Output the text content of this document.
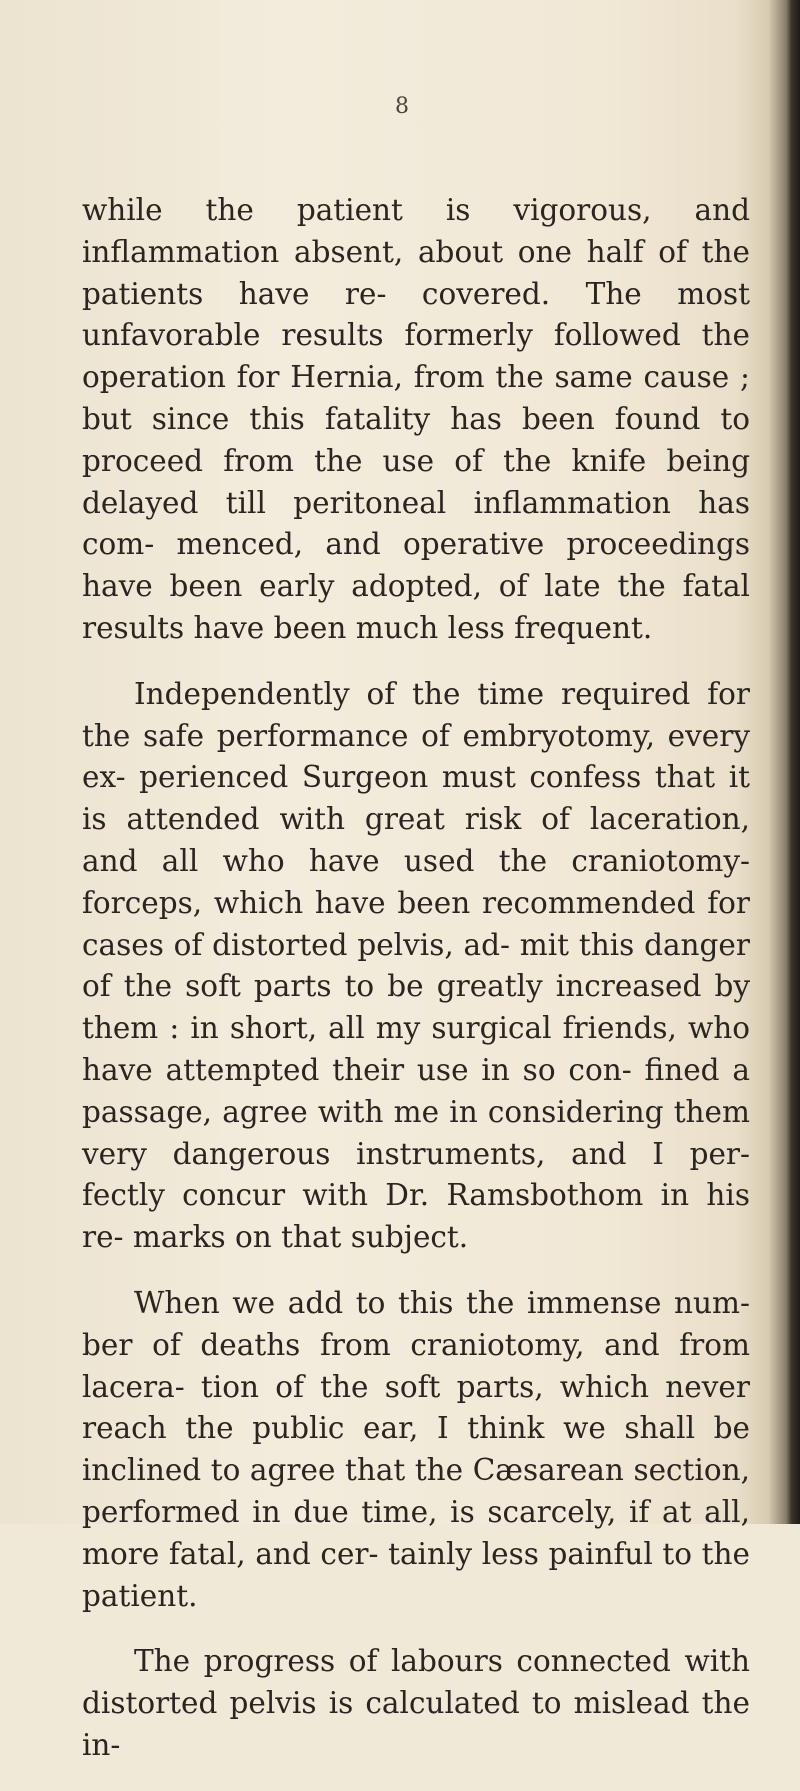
8

while the patient is vigorous, and inflammation absent, about one half of the patients have re- covered. The most unfavorable results formerly followed the operation for Hernia, from the same cause ; but since this fatality has been found to proceed from the use of the knife being delayed till peritoneal inflammation has com- menced, and operative proceedings have been early adopted, of late the fatal results have been much less frequent.

Independently of the time required for the safe performance of embryotomy, every ex- perienced Surgeon must confess that it is attended with great risk of laceration, and all who have used the craniotomy-forceps, which have been recommended for cases of distorted pelvis, ad- mit this danger of the soft parts to be greatly increased by them : in short, all my surgical friends, who have attempted their use in so con- fined a passage, agree with me in considering them very dangerous instruments, and I per- fectly concur with Dr. Ramsbothom in his re- marks on that subject.

When we add to this the immense num- ber of deaths from craniotomy, and from lacera- tion of the soft parts, which never reach the public ear, I think we shall be inclined to agree that the Cæsarean section, performed in due time, is scarcely, if at all, more fatal, and cer- tainly less painful to the patient.

The progress of labours connected with distorted pelvis is calculated to mislead the in-
